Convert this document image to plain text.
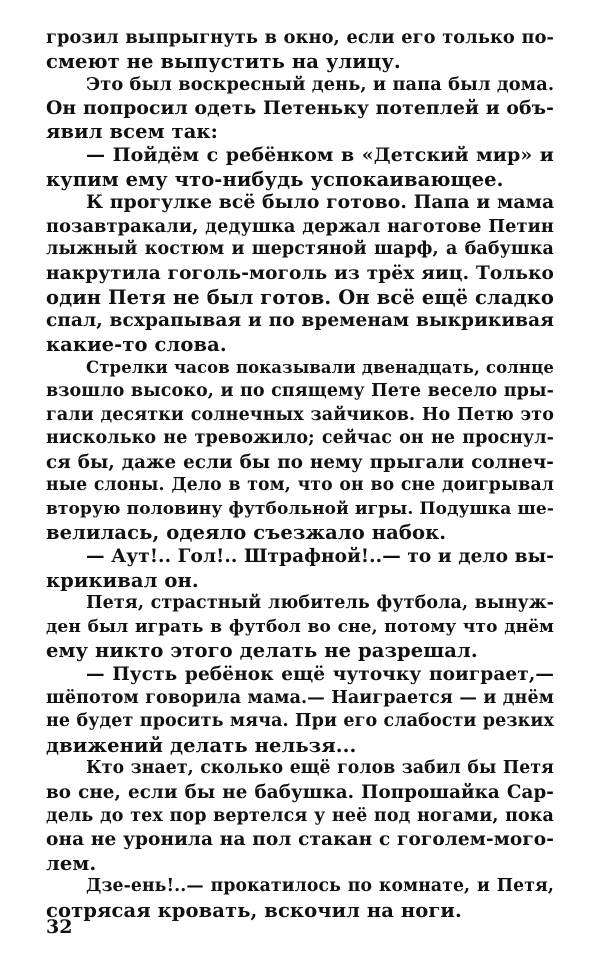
грозил выпрыгнуть в окно, если его только по-
смеют не выпустить на улицу.
Это был воскресный день, и папа был дома.
Он попросил одеть Петеньку потеплей и объ-
явил всем так:
— Пойдём с ребёнком в «Детский мир» и
купим ему что-нибудь успокаивающее.
К прогулке всё было готово. Папа и мама
позавтракали, дедушка держал наготове Петин
лыжный костюм и шерстяной шарф, а бабушка
накрутила гоголь-моголь из трёх яиц. Только
один Петя не был готов. Он всё ещё сладко
спал, всхрапывая и по временам выкрикивая
какие-то слова.
Стрелки часов показывали двенадцать, солнце
взошло высоко, и по спящему Пете весело пры-
гали десятки солнечных зайчиков. Но Петю это
нисколько не тревожило; сейчас он не проснул-
ся бы, даже если бы по нему прыгали солнеч-
ные слоны. Дело в том, что он во сне доигрывал
вторую половину футбольной игры. Подушка ше-
велилась, одеяло съезжало набок.
— Аут!.. Гол!.. Штрафной!..— то и дело вы-
крикивал он.
Петя, страстный любитель футбола, вынуж-
ден был играть в футбол во сне, потому что днём
ему никто этого делать не разрешал.
— Пусть ребёнок ещё чуточку поиграет,—
шёпотом говорила мама.— Наиграется — и днём
не будет просить мяча. При его слабости резких
движений делать нельзя...
Кто знает, сколько ещё голов забил бы Петя
во сне, если бы не бабушка. Попрошайка Сар-
дель до тех пор вертелся у неё под ногами, пока
она не уронила на пол стакан с гоголем-мого-
лем.
Дзе-ень!..— прокатилось по комнате, и Петя,
сотрясая кровать, вскочил на ноги.
32
